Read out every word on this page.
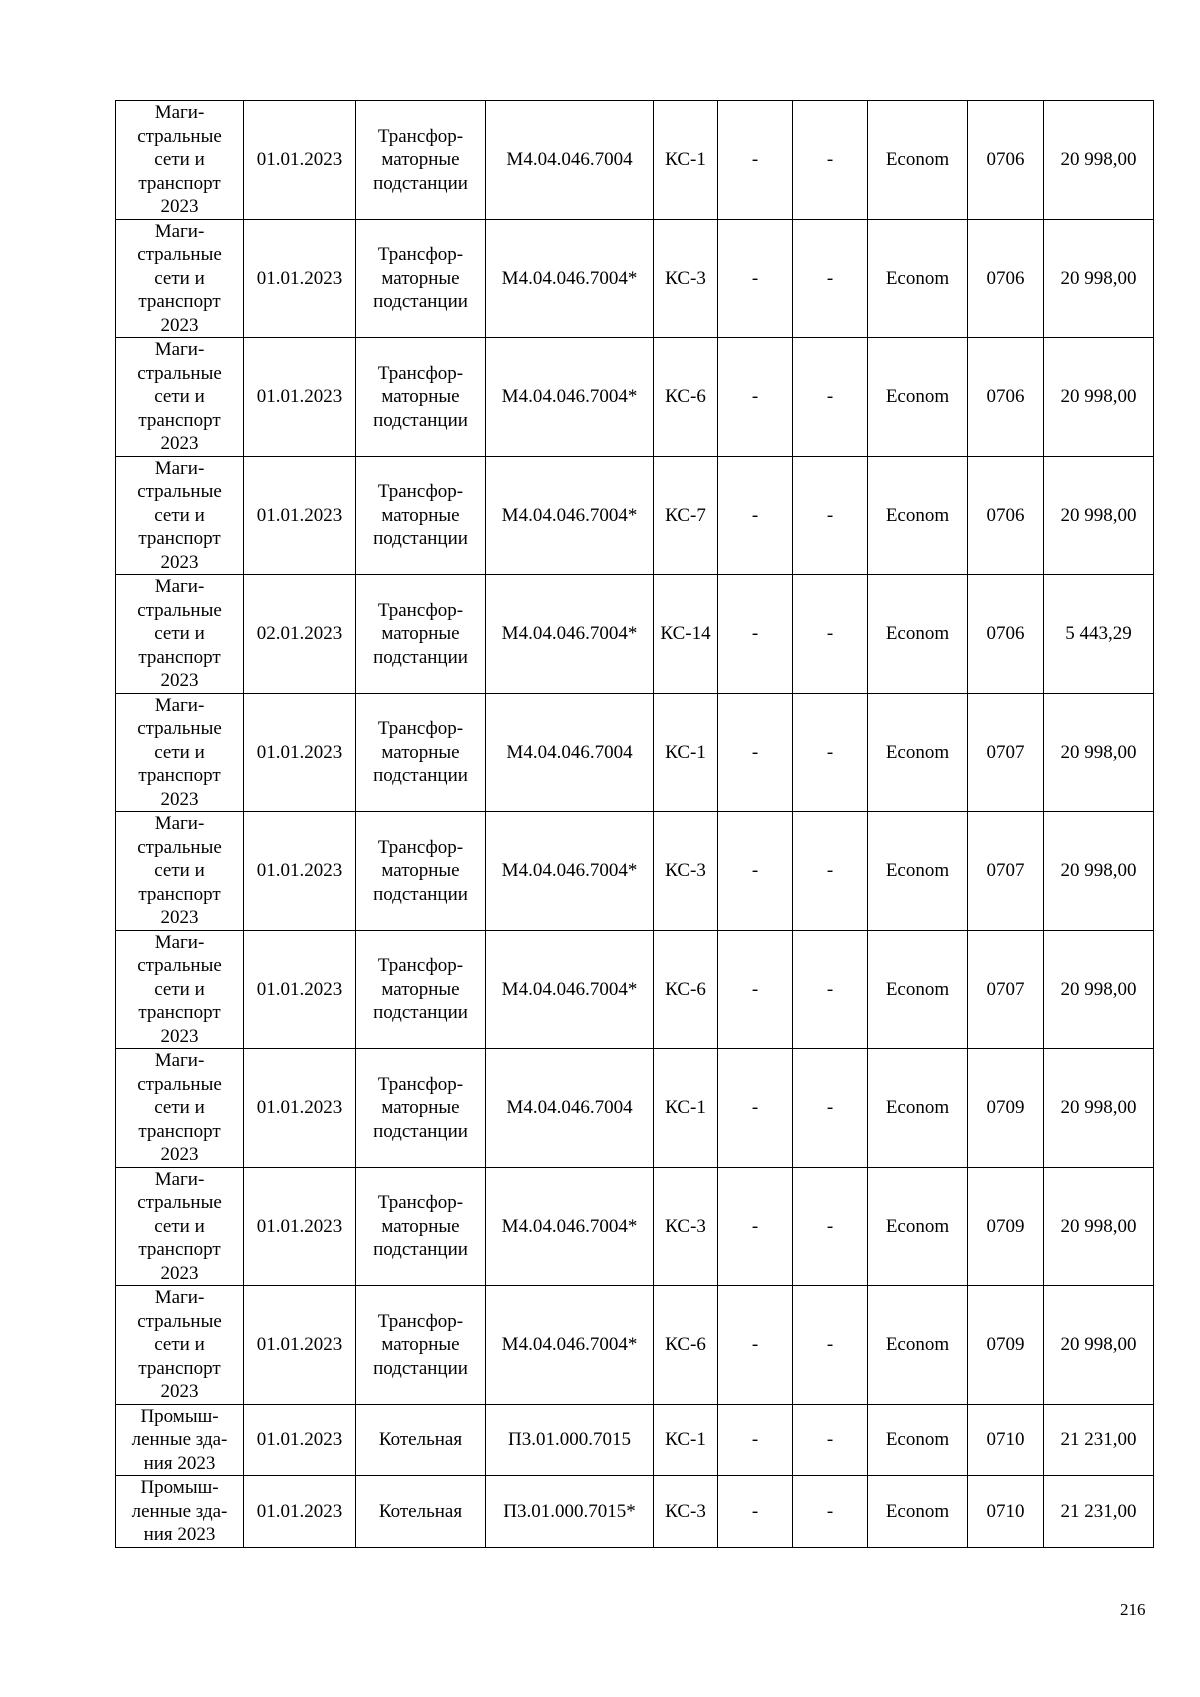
Маги-
стральные
сети и
транспорт
2023	01.01.2023	Трансфор-
маторные
подстанции	М4.04.046.7004	КС-1	-	-	Econom	0706	20 998,00
Маги-
стральные
сети и
транспорт
2023	01.01.2023	Трансфор-
маторные
подстанции	М4.04.046.7004*	КС-3	-	-	Econom	0706	20 998,00
Маги-
стральные
сети и
транспорт
2023	01.01.2023	Трансфор-
маторные
подстанции	М4.04.046.7004*	КС-6	-	-	Econom	0706	20 998,00
Маги-
стральные
сети и
транспорт
2023	01.01.2023	Трансфор-
маторные
подстанции	М4.04.046.7004*	КС-7	-	-	Econom	0706	20 998,00
Маги-
стральные
сети и
транспорт
2023	02.01.2023	Трансфор-
маторные
подстанции	М4.04.046.7004*	КС-14	-	-	Econom	0706	5 443,29
Маги-
стральные
сети и
транспорт
2023	01.01.2023	Трансфор-
маторные
подстанции	М4.04.046.7004	КС-1	-	-	Econom	0707	20 998,00
Маги-
стральные
сети и
транспорт
2023	01.01.2023	Трансфор-
маторные
подстанции	М4.04.046.7004*	КС-3	-	-	Econom	0707	20 998,00
Маги-
стральные
сети и
транспорт
2023	01.01.2023	Трансфор-
маторные
подстанции	М4.04.046.7004*	КС-6	-	-	Econom	0707	20 998,00
Маги-
стральные
сети и
транспорт
2023	01.01.2023	Трансфор-
маторные
подстанции	М4.04.046.7004	КС-1	-	-	Econom	0709	20 998,00
Маги-
стральные
сети и
транспорт
2023	01.01.2023	Трансфор-
маторные
подстанции	М4.04.046.7004*	КС-3	-	-	Econom	0709	20 998,00
Маги-
стральные
сети и
транспорт
2023	01.01.2023	Трансфор-
маторные
подстанции	М4.04.046.7004*	КС-6	-	-	Econom	0709	20 998,00
Промыш-
ленные зда-
ния 2023	01.01.2023	Котельная	П3.01.000.7015	КС-1	-	-	Econom	0710	21 231,00
Промыш-
ленные зда-
ния 2023	01.01.2023	Котельная	П3.01.000.7015*	КС-3	-	-	Econom	0710	21 231,00
216
